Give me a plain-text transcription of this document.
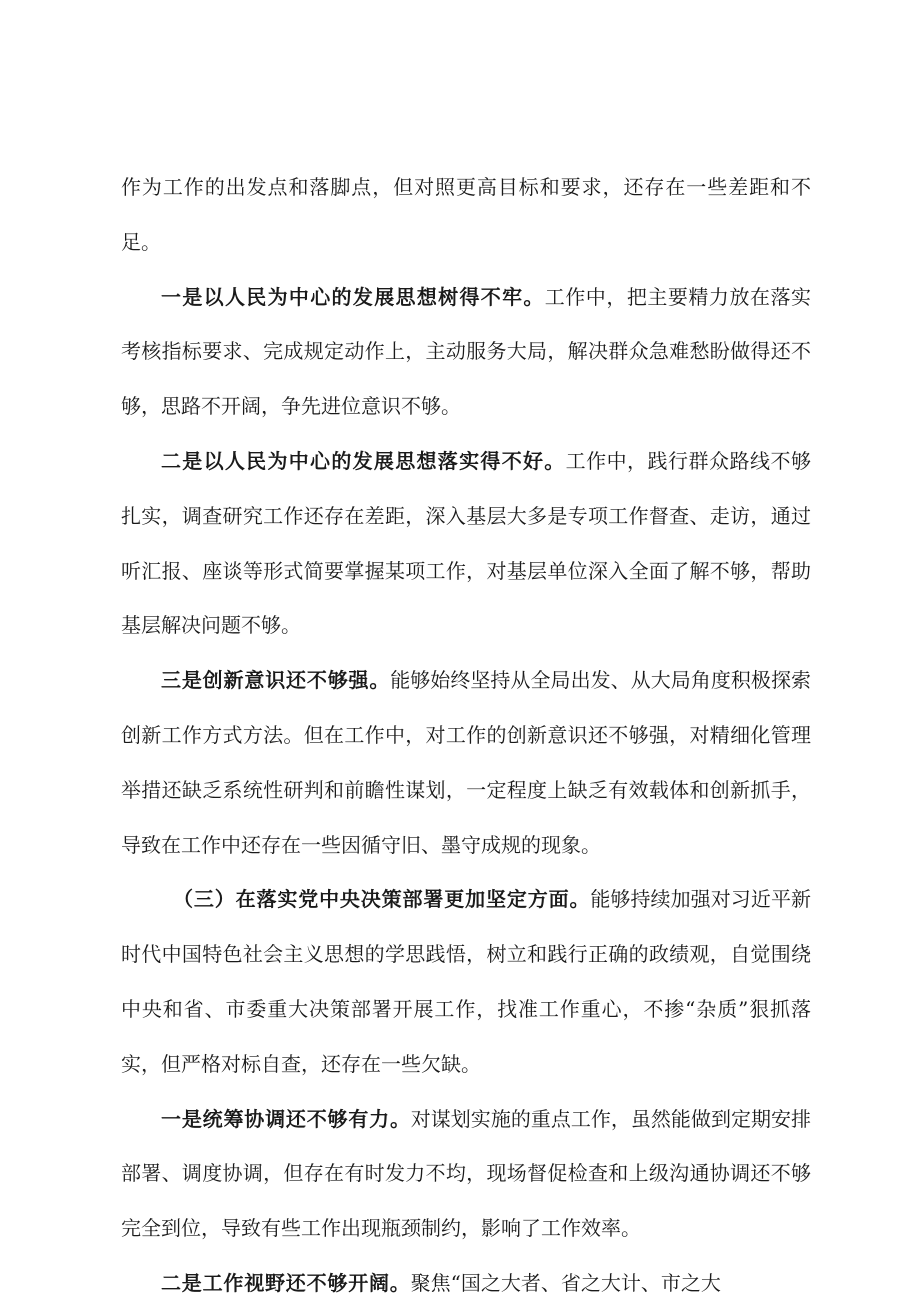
作为工作的出发点和落脚点，但对照更高目标和要求，还存在一些差距和不足。

一是以人民为中心的发展思想树得不牢。工作中，把主要精力放在落实考核指标要求、完成规定动作上，主动服务大局，解决群众急难愁盼做得还不够，思路不开阔，争先进位意识不够。

二是以人民为中心的发展思想落实得不好。工作中，践行群众路线不够扎实，调查研究工作还存在差距，深入基层大多是专项工作督查、走访，通过听汇报、座谈等形式简要掌握某项工作，对基层单位深入全面了解不够，帮助基层解决问题不够。

三是创新意识还不够强。能够始终坚持从全局出发、从大局角度积极探索创新工作方式方法。但在工作中，对工作的创新意识还不够强，对精细化管理举措还缺乏系统性研判和前瞻性谋划，一定程度上缺乏有效载体和创新抓手，导致在工作中还存在一些因循守旧、墨守成规的现象。

（三）在落实党中央决策部署更加坚定方面。能够持续加强对习近平新时代中国特色社会主义思想的学思践悟，树立和践行正确的政绩观，自觉围绕中央和省、市委重大决策部署开展工作，找准工作重心，不掺“杂质”狠抓落实，但严格对标自查，还存在一些欠缺。

一是统筹协调还不够有力。对谋划实施的重点工作，虽然能做到定期安排部署、调度协调，但存在有时发力不均，现场督促检查和上级沟通协调还不够完全到位，导致有些工作出现瓶颈制约，影响了工作效率。

二是工作视野还不够开阔。聚焦“国之大者、省之大计、市之大
